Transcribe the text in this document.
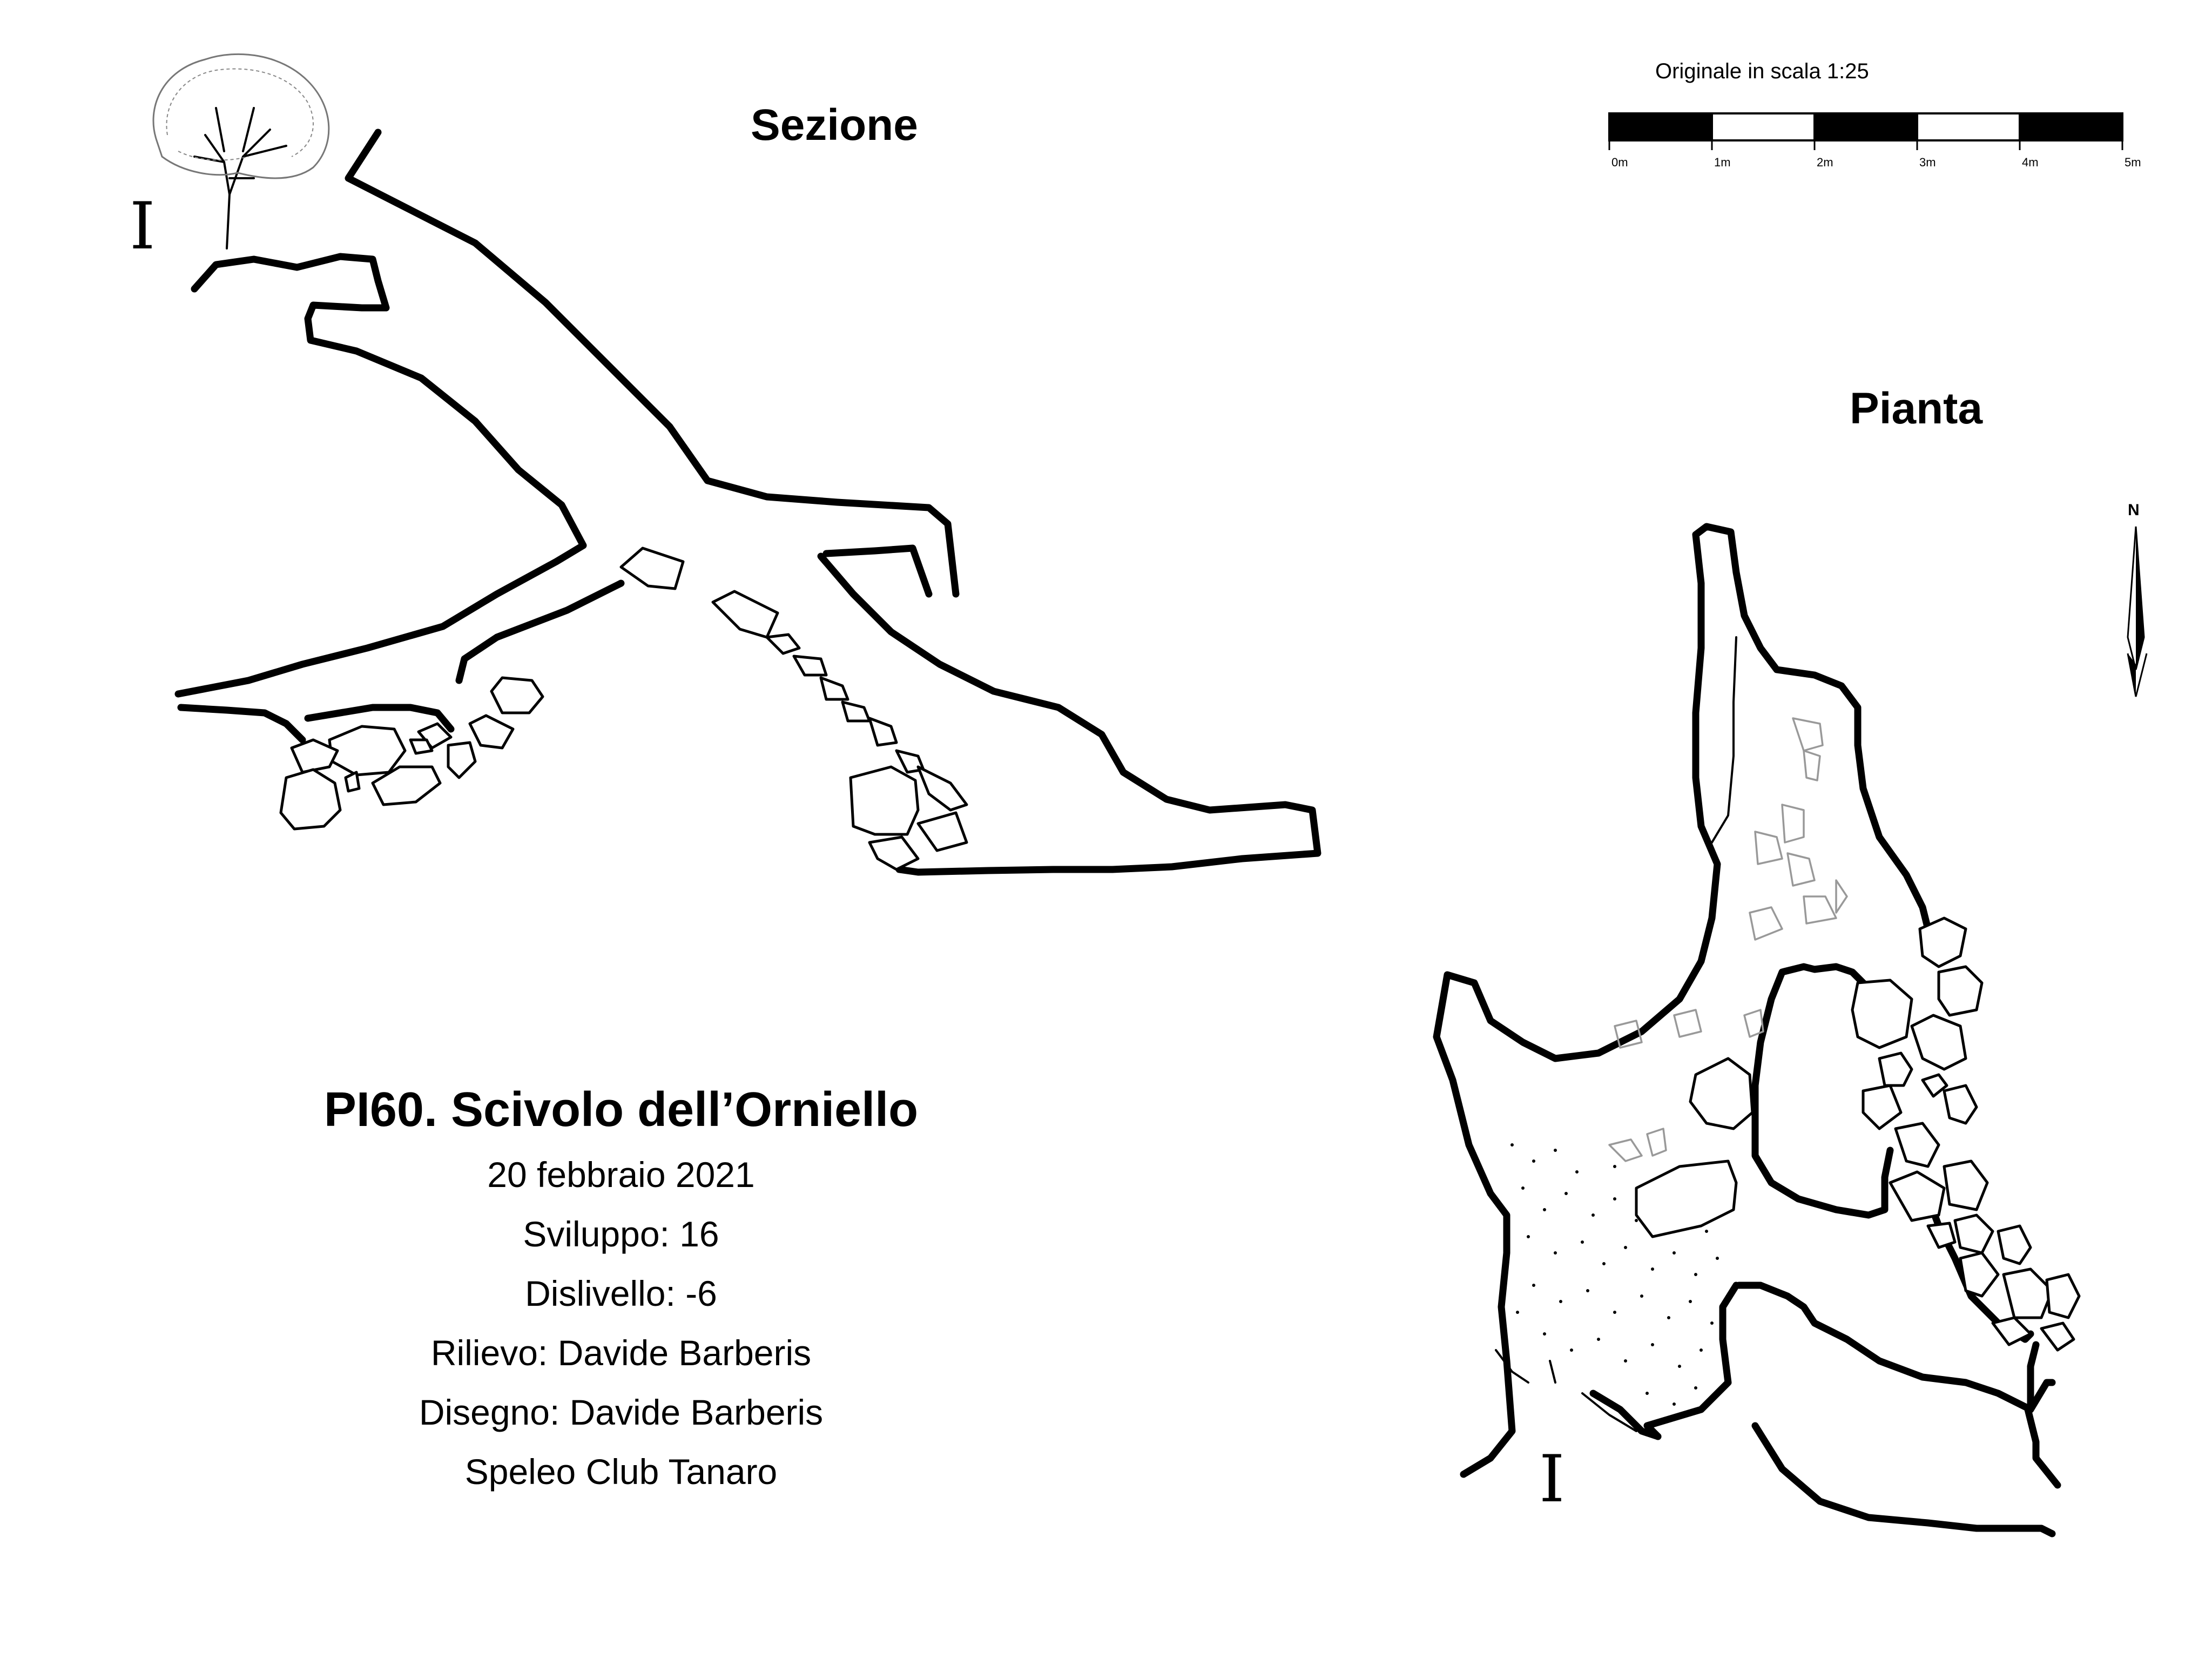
I
I
Sezione
Pianta
Originale in scala 1:25
0m	1m	2m	3m	4m	5m
N
PI60. Scivolo dell’Orniello
20 febbraio 2021
Sviluppo: 16
Dislivello: -6
Rilievo: Davide Barberis
Disegno: Davide Barberis
Speleo Club Tanaro
